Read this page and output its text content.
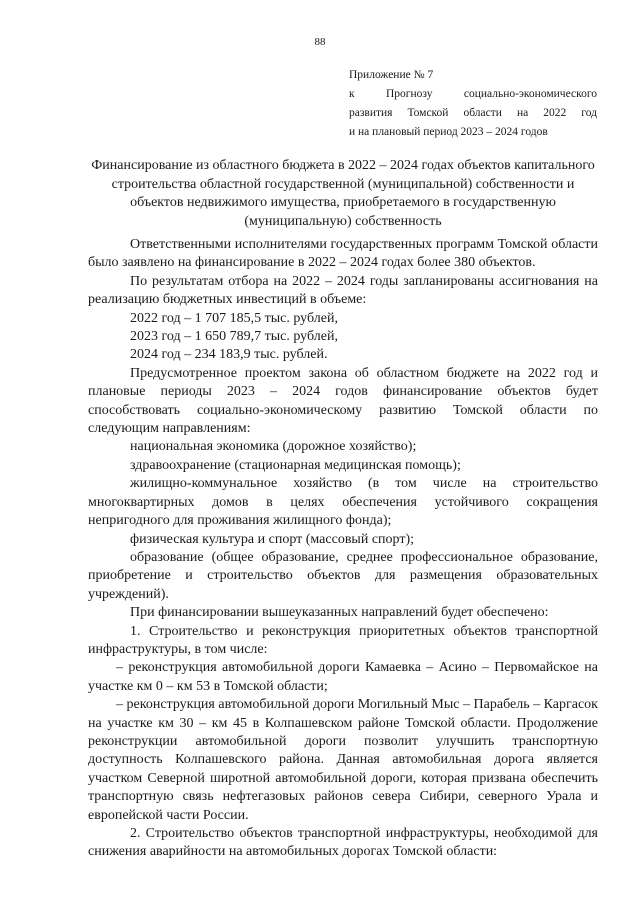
88
Приложение № 7
к Прогнозу социально-экономического
развития Томской области на 2022 год
и на плановый период 2023 – 2024 годов
Финансирование из областного бюджета в 2022 – 2024 годах объектов капитального строительства областной государственной (муниципальной) собственности и объектов недвижимого имущества, приобретаемого в государственную (муниципальную) собственность

Ответственными исполнителями государственных программ Томской области было заявлено на финансирование в 2022 – 2024 годах более 380 объектов.

По результатам отбора на 2022 – 2024 годы запланированы ассигнования на реализацию бюджетных инвестиций в объеме:

2022 год – 1 707 185,5 тыс. рублей,

2023 год – 1 650 789,7 тыс. рублей,

2024 год – 234 183,9 тыс. рублей.

Предусмотренное проектом закона об областном бюджете на 2022 год и плановые периоды 2023 – 2024 годов финансирование объектов будет способствовать социально-экономическому развитию Томской области по следующим направлениям:

национальная экономика (дорожное хозяйство);

здравоохранение (стационарная медицинская помощь);

жилищно-коммунальное хозяйство (в том числе на строительство многоквартирных домов в целях обеспечения устойчивого сокращения непригодного для проживания жилищного фонда);

физическая культура и спорт (массовый спорт);

образование (общее образование, среднее профессиональное образование, приобретение и строительство объектов для размещения образовательных учреждений).

При финансировании вышеуказанных направлений будет обеспечено:

1. Строительство и реконструкция приоритетных объектов транспортной инфраструктуры, в том числе:

– реконструкция автомобильной дороги Камаевка – Асино – Первомайское на участке км 0 – км 53 в Томской области;

– реконструкция автомобильной дороги Могильный Мыс – Парабель – Каргасок на участке км 30 – км 45 в Колпашевском районе Томской области. Продолжение реконструкции автомобильной дороги позволит улучшить транспортную доступность Колпашевского района. Данная автомобильная дорога является участком Северной широтной автомобильной дороги, которая призвана обеспечить транспортную связь нефтегазовых районов севера Сибири, северного Урала и европейской части России.

2. Строительство объектов транспортной инфраструктуры, необходимой для снижения аварийности на автомобильных дорогах Томской области:
